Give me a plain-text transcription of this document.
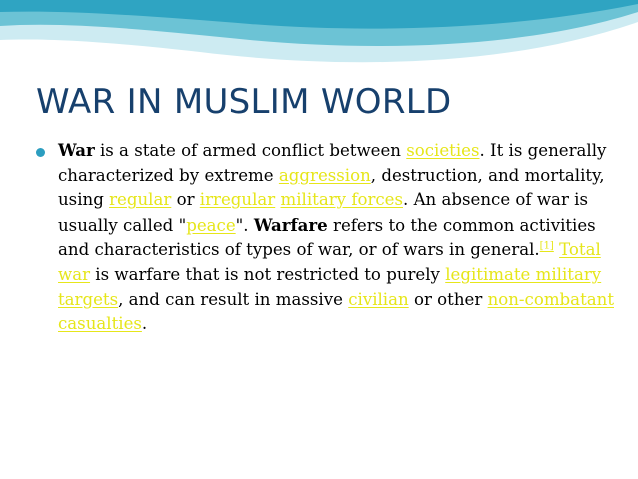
WAR IN MUSLIM WORLD

War is a state of armed conflict between societies. It is generally characterized by extreme aggression, destruction, and mortality, using regular or irregular military forces. An absence of war is usually called "peace". Warfare refers to the common activities and characteristics of types of war, or of wars in general.[1] Total war is warfare that is not restricted to purely legitimate military targets, and can result in massive civilian or other non-combatant casualties.
